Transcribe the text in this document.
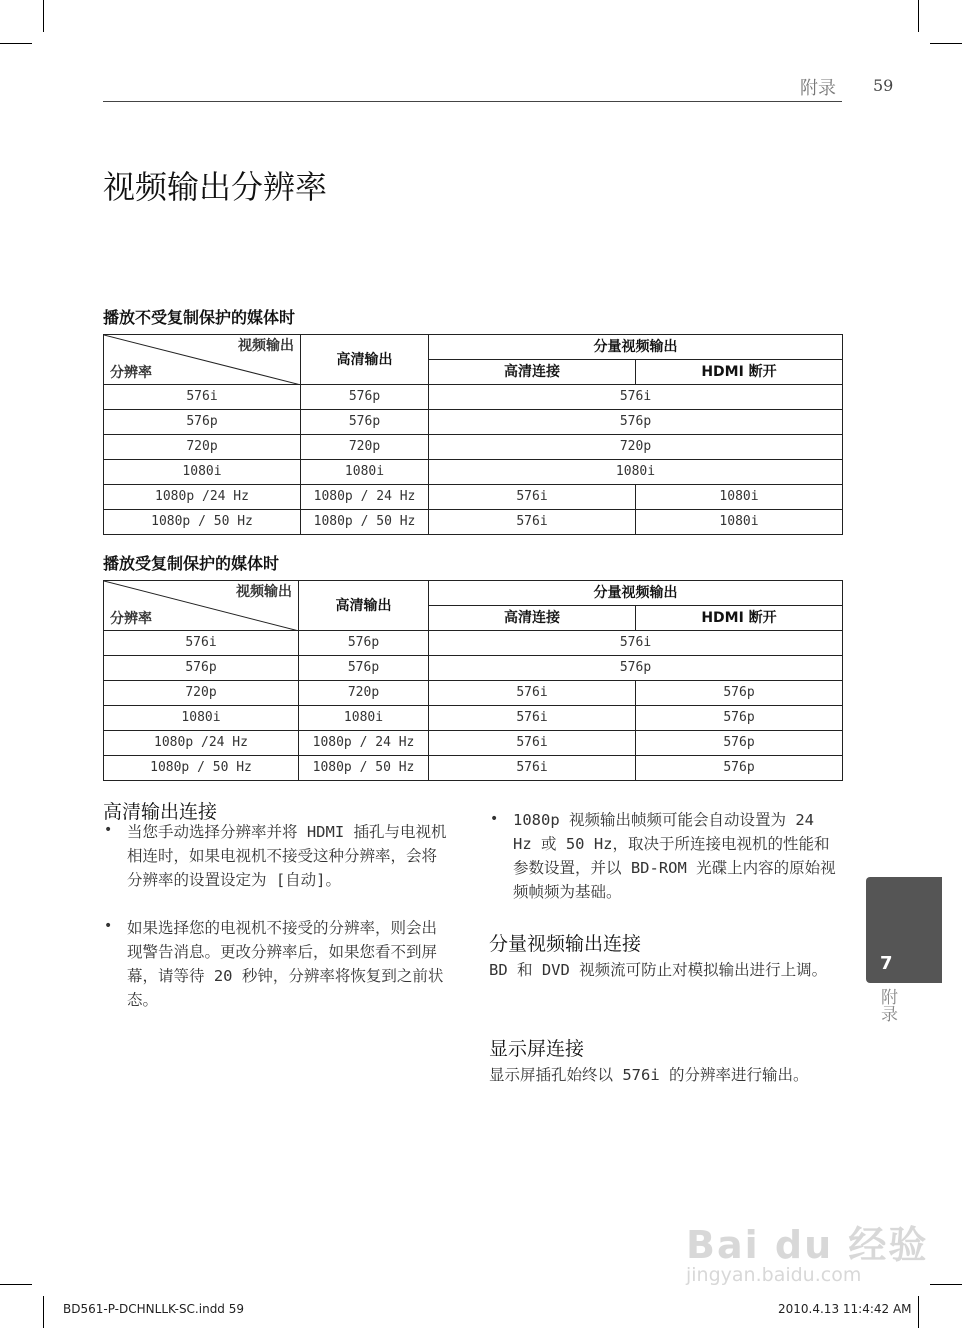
附录 59
视频输出分辨率
播放不受复制保护的媒体时
视频输出
分辨率	高清输出	分量视频输出	
		高清连接	HDMI 断开
576i	576p	576i	
576p	576p	576p	
720p	720p	720p	
1080i	1080i	1080i	
1080p /24 Hz	1080p / 24 Hz	576i	1080i
1080p / 50 Hz	1080p / 50 Hz	576i	1080i
播放受复制保护的媒体时
视频输出
分辨率	高清输出	分量视频输出	
		高清连接	HDMI 断开
576i	576p	576i	
576p	576p	576p	
720p	720p	576i	576p
1080i	1080i	576i	576p
1080p /24 Hz	1080p / 24 Hz	576i	576p
1080p / 50 Hz	1080p / 50 Hz	576i	576p
高清输出连接
• 当您手动选择分辨率并将 HDMI 插孔与电视机相连时，如果电视机不接受这种分辨率，会将分辨率的设置设定为 [自动]。
• 如果选择您的电视机不接受的分辨率，则会出现警告消息。更改分辨率后，如果您看不到屏幕，请等待 20 秒钟，分辨率将恢复到之前状态。
• 1080p 视频输出帧频可能会自动设置为 24 Hz 或 50 Hz，取决于所连接电视机的性能和参数设置，并以 BD-ROM 光碟上内容的原始视频帧频为基础。
分量视频输出连接
BD 和 DVD 视频流可防止对模拟输出进行上调。
显示屏连接
显示屏插孔始终以 576i 的分辨率进行输出。
7
附录
Bai du 经验
jingyan.baidu.com
BD561-P-DCHNLLK-SC.indd 59	2010.4.13 11:4:42 AM
